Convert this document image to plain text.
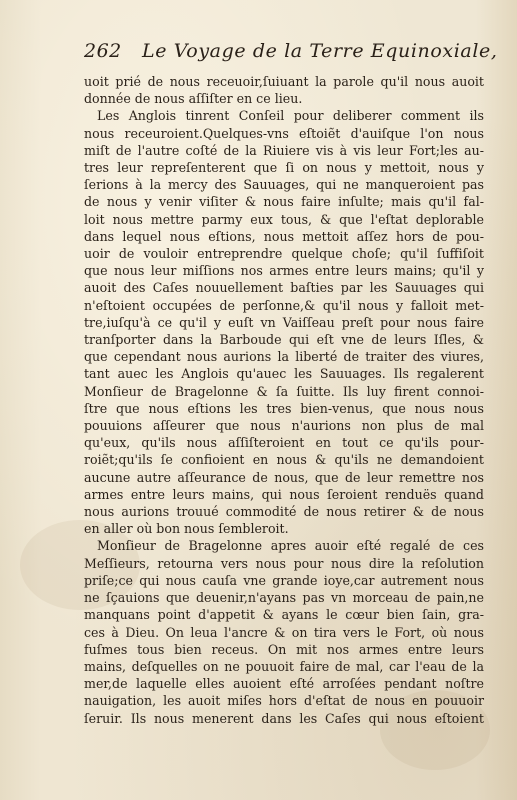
262 Le Voyage de la Terre Equinoxiale,

uoit prié de nous receuoir,ſuiuant la parole qu'il nous auoit
donnée de nous aſſiſter en ce lieu.

Les Anglois tinrent Conſeil pour deliberer comment ils
nous receuroient.Quelques-vns eſtoiẽt d'auiſque l'on nous
miſt de l'autre coſté de la Riuiere vis à vis leur Fort;les au-
tres leur repreſenterent que ſi on nous y mettoit, nous y
ſerions à la mercy des Sauuages, qui ne manqueroient pas
de nous y venir viſiter & nous faire inſulte; mais qu'il fal-
loit nous mettre parmy eux tous, & que l'eſtat deplorable
dans lequel nous eſtions, nous mettoit aſſez hors de pou-
uoir de vouloir entreprendre quelque choſe; qu'il ſuffiſoit
que nous leur miſſions nos armes entre leurs mains; qu'il y
auoit des Caſes nouuellement baſties par les Sauuages qui
n'eſtoient occupées de perſonne,& qu'il nous y falloit met-
tre,iuſqu'à ce qu'il y euſt vn Vaiſſeau preſt pour nous faire
tranſporter dans la Barboude qui eſt vne de leurs Iſles, &
que cependant nous aurions la liberté de traiter des viures,
tant auec les Anglois qu'auec les Sauuages. Ils regalerent
Monſieur de Bragelonne & ſa ſuitte. Ils luy firent connoi-
ſtre que nous eſtions les tres bien-venus, que nous nous
pouuions aſſeurer que nous n'aurions non plus de mal
qu'eux, qu'ils nous aſſiſteroient en tout ce qu'ils pour-
roiẽt;qu'ils ſe confioient en nous & qu'ils ne demandoient
aucune autre aſſeurance de nous, que de leur remettre nos
armes entre leurs mains, qui nous ſeroient renduës quand
nous aurions trouué commodité de nous retirer & de nous
en aller où bon nous ſembleroit.

Monſieur de Bragelonne apres auoir eſté regalé de ces
Meſſieurs, retourna vers nous pour nous dire la reſolution
priſe;ce qui nous cauſa vne grande ioye,car autrement nous
ne ſçauions que deuenir,n'ayans pas vn morceau de pain,ne
manquans point d'appetit & ayans le cœur bien ſain, gra-
ces à Dieu. On leua l'ancre & on tira vers le Fort, où nous
fuſmes tous bien receus. On mit nos armes entre leurs
mains, deſquelles on ne pouuoit faire de mal, car l'eau de la
mer,de laquelle elles auoient eſté arroſées pendant noſtre
nauigation, les auoit miſes hors d'eſtat de nous en pouuoir
ſeruir. Ils nous menerent dans les Caſes qui nous eſtoient
